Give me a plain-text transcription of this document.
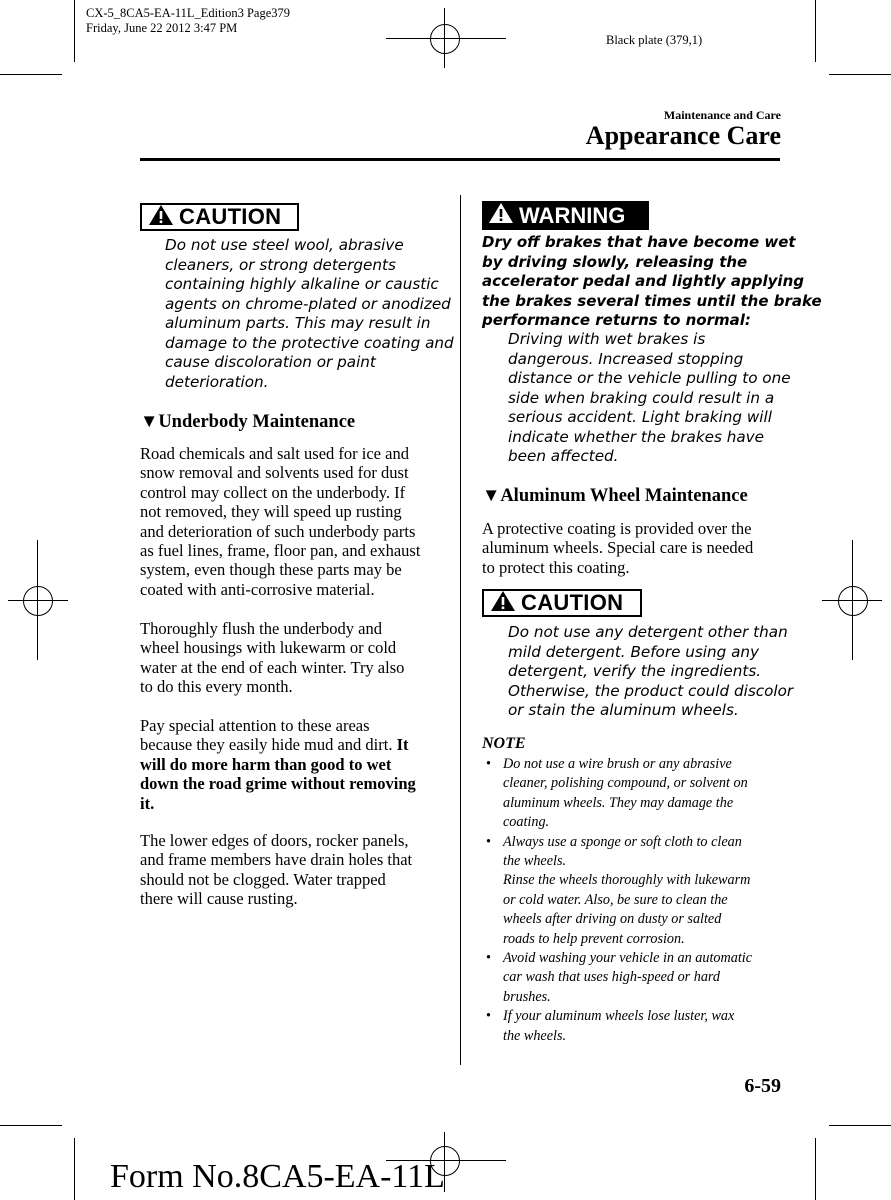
CX-5_8CA5-EA-11L_Edition3 Page379
Friday, June 22 2012 3:47 PM
Black plate (379,1)
Maintenance and Care
Appearance Care
CAUTION
Do not use steel wool, abrasive
cleaners, or strong detergents
containing highly alkaline or caustic
agents on chrome-plated or anodized
aluminum parts. This may result in
damage to the protective coating and
cause discoloration or paint
deterioration.
▼Underbody Maintenance
Road chemicals and salt used for ice and
snow removal and solvents used for dust
control may collect on the underbody. If
not removed, they will speed up rusting
and deterioration of such underbody parts
as fuel lines, frame, floor pan, and exhaust
system, even though these parts may be
coated with anti-corrosive material.
Thoroughly flush the underbody and
wheel housings with lukewarm or cold
water at the end of each winter. Try also
to do this every month.
Pay special attention to these areas
because they easily hide mud and dirt. It
will do more harm than good to wet
down the road grime without removing
it.
The lower edges of doors, rocker panels,
and frame members have drain holes that
should not be clogged. Water trapped
there will cause rusting.
WARNING
Dry off brakes that have become wet
by driving slowly, releasing the
accelerator pedal and lightly applying
the brakes several times until the brake
performance returns to normal:
Driving with wet brakes is
dangerous. Increased stopping
distance or the vehicle pulling to one
side when braking could result in a
serious accident. Light braking will
indicate whether the brakes have
been affected.
▼Aluminum Wheel Maintenance
A protective coating is provided over the
aluminum wheels. Special care is needed
to protect this coating.
CAUTION
Do not use any detergent other than
mild detergent. Before using any
detergent, verify the ingredients.
Otherwise, the product could discolor
or stain the aluminum wheels.
NOTE
• Do not use a wire brush or any abrasive
cleaner, polishing compound, or solvent on
aluminum wheels. They may damage the
coating.
• Always use a sponge or soft cloth to clean
the wheels.
Rinse the wheels thoroughly with lukewarm
or cold water. Also, be sure to clean the
wheels after driving on dusty or salted
roads to help prevent corrosion.
• Avoid washing your vehicle in an automatic
car wash that uses high-speed or hard
brushes.
• If your aluminum wheels lose luster, wax
the wheels.
6-59
Form No.8CA5-EA-11L
